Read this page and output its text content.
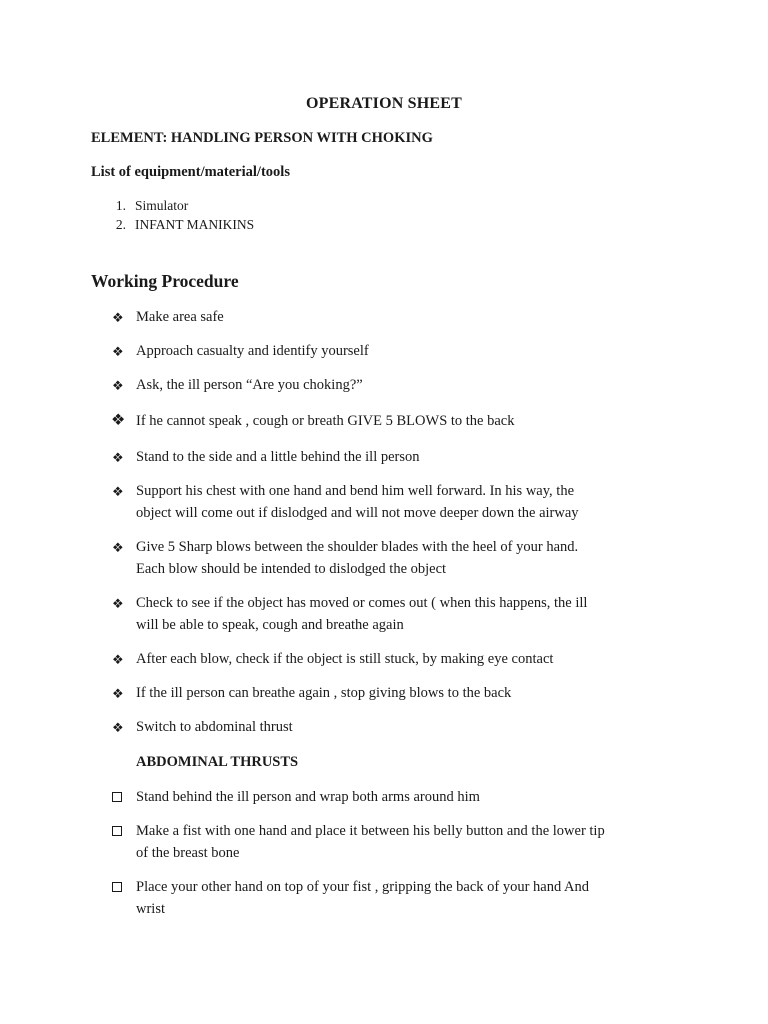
OPERATION SHEET
ELEMENT: HANDLING PERSON WITH CHOKING
List of equipment/material/tools
1. Simulator
2. INFANT MANIKINS
Working Procedure
❖ Make area safe
❖ Approach casualty and identify yourself
❖ Ask, the ill person “Are you choking?”
❖ If he cannot speak , cough or breath GIVE 5 BLOWS to the back
❖ Stand to the side and a little behind the ill person
❖ Support his chest with one hand and bend him well forward. In his way, the
object will come out if dislodged and will not move deeper down the airway
❖ Give 5 Sharp blows between the shoulder blades with the heel of your hand.
Each blow should be intended to dislodged the object
❖ Check to see if the object has moved or comes out ( when this happens, the ill
will be able to speak, cough and breathe again
❖ After each blow, check if the object is still stuck, by making eye contact
❖ If the ill person can breathe again , stop giving blows to the back
❖ Switch to abdominal thrust
ABDOMINAL THRUSTS
Stand behind the ill person and wrap both arms around him
Make a fist with one hand and place it between his belly button and the lower tip
of the breast bone
Place your other hand on top of your fist , gripping the back of your hand And
wrist
